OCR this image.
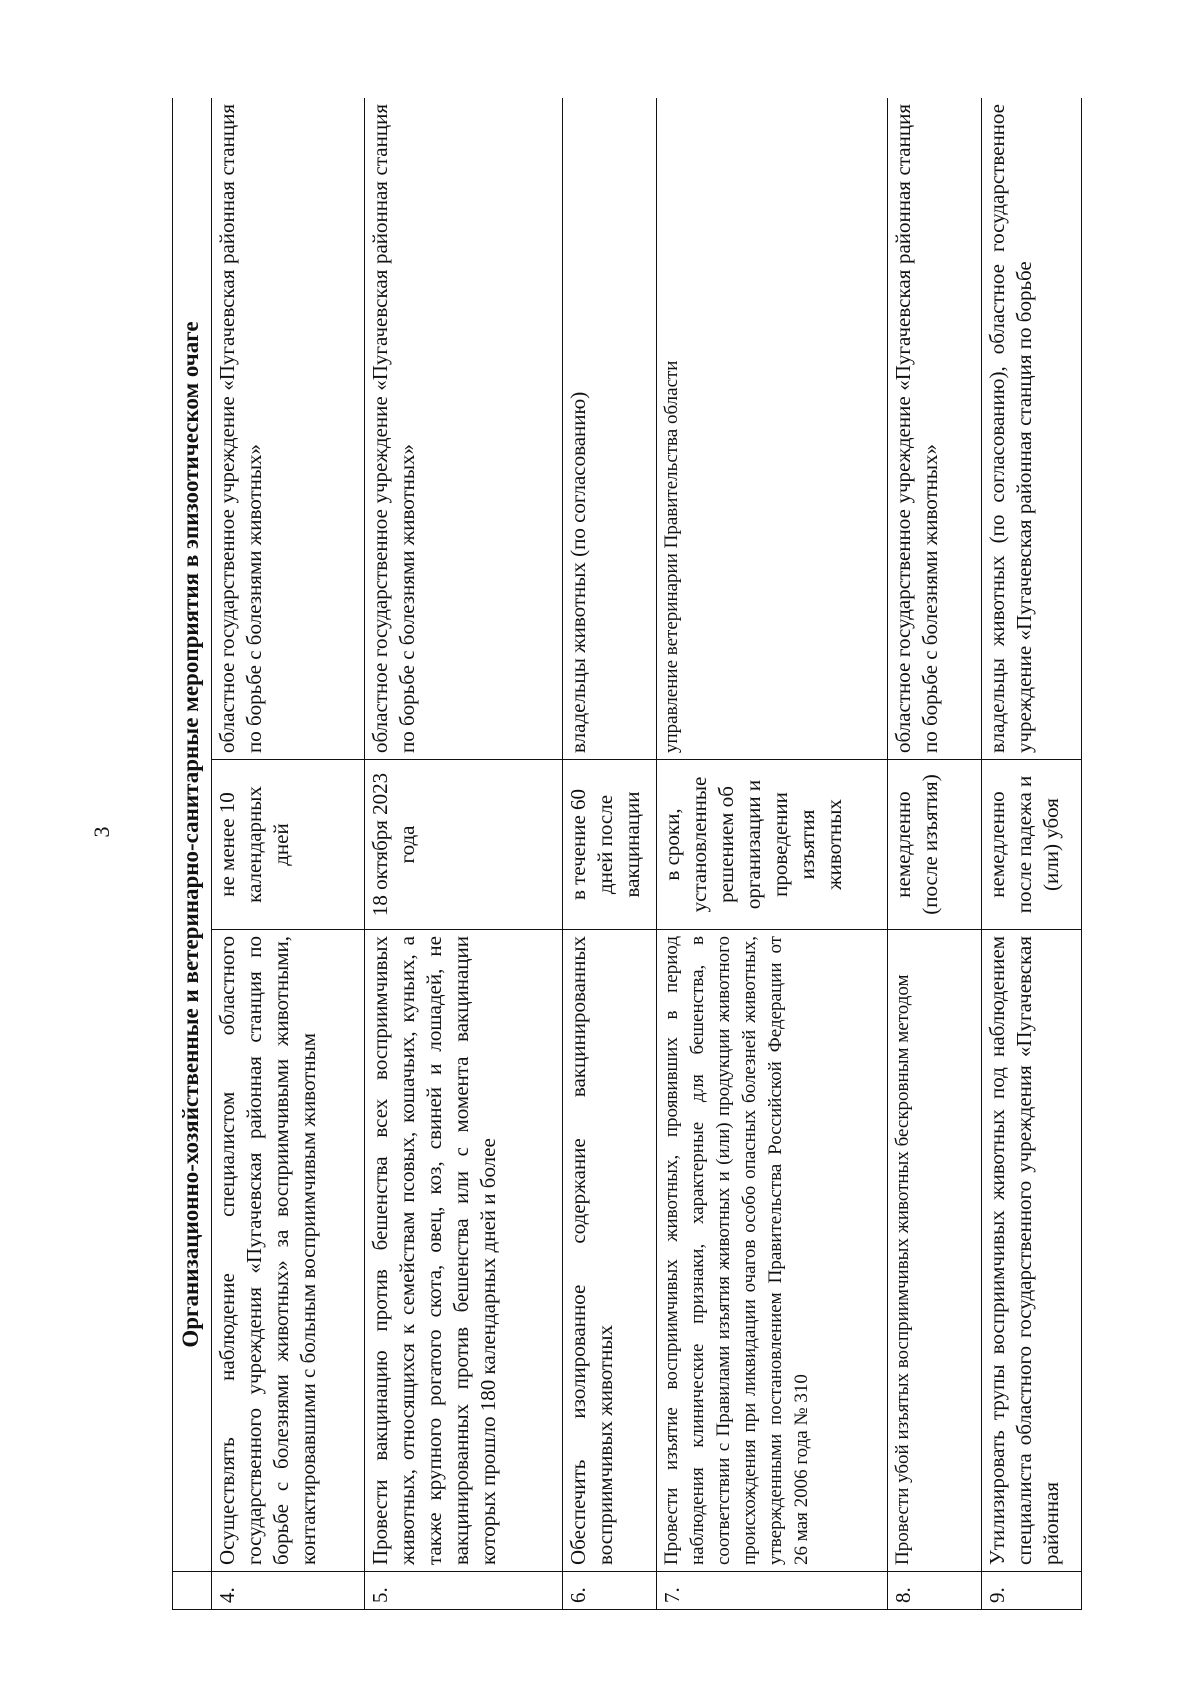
3
		Организационно-хозяйственные и ветеринарно-санитарные мероприятия в эпизоотическом очаге		
4.	Осуществлять наблюдение специалистом областного государственного учреждения «Пугачевская районная станция по борьбе с болезнями животных» за восприимчивыми животными, контактировавшими с больным восприимчивым животным	не менее 10 календарных дней	областное государственное учреждение «Пугачевская районная станция по борьбе с болезнями животных»
5.	Провести вакцинацию против бешенства всех восприимчивых животных, относящихся к семействам псовых, кошачьих, куньих, а также крупного рогатого скота, овец, коз, свиней и лошадей, не вакцинированных против бешенства или с момента вакцинации которых прошло 180 календарных дней и более	18 октября 2023 года	областное государственное учреждение «Пугачевская районная станция по борьбе с болезнями животных»
6.	Обеспечить изолированное содержание вакцинированных восприимчивых животных	в течение 60 дней после вакцинации	владельцы животных (по согласованию)
7.	Провести изъятие восприимчивых животных, проявивших в период наблюдения клинические признаки, характерные для бешенства, в соответствии с Правилами изъятия животных и (или) продукции животного происхождения при ликвидации очагов особо опасных болезней животных, утвержденными постановлением Правительства Российской Федерации от 26 мая 2006 года № 310	в сроки, установленные решением об организации и проведении изъятия животных	управление ветеринарии Правительства области
8.	Провести убой изъятых восприимчивых животных бескровным методом	немедленно (после изъятия)	областное государственное учреждение «Пугачевская районная станция по борьбе с болезнями животных»
9.	Утилизировать трупы восприимчивых животных под наблюдением специалиста областного государственного учреждения «Пугачевская районная	немедленно после падежа и (или) убоя	владельцы животных (по согласованию), областное государственное учреждение «Пугачевская районная станция по борьбе
